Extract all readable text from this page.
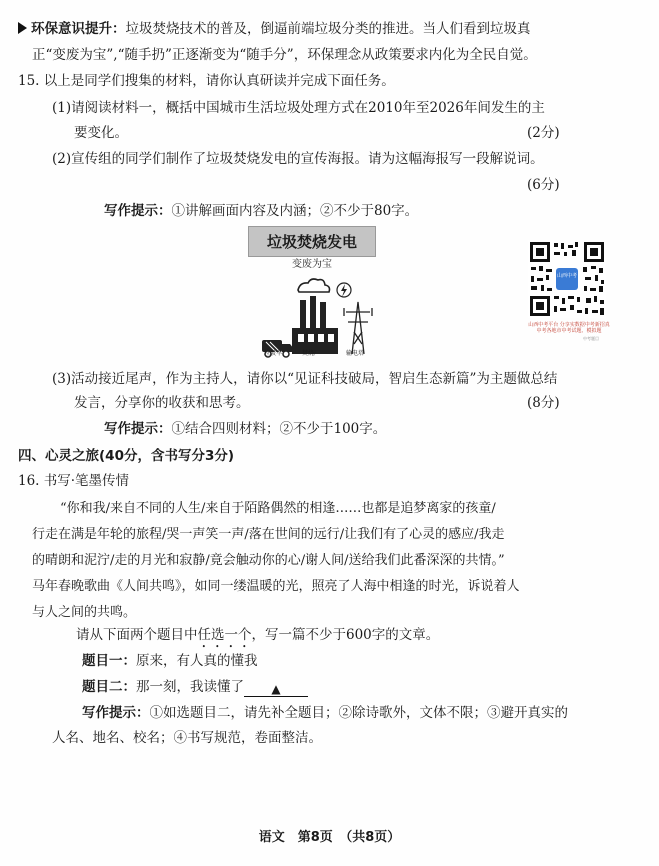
环保意识提升：垃圾焚烧技术的普及，倒逼前端垃圾分类的推进。当人们看到垃圾真
正“变废为宝”,“随手扔”正逐渐变为“随手分”，环保理念从政策要求内化为全民自觉。
15. 以上是同学们搜集的材料，请你认真研读并完成下面任务。
(1)请阅读材料一，概括中国城市生活垃圾处理方式在2010年至2026年间发生的主
要变化。	(2分)
(2)宣传组的同学们制作了垃圾焚烧发电的宣传海报。请为这幅海报写一段解说词。
(6分)
写作提示：①讲解画面内容及内涵；②不少于80字。
垃圾焚烧发电
变废为宝
垃圾车	焚烧厂	输电塔
山西中考
山西中考平台 分享实数据中考新招真 中考各地市中考试题、模拟题
中考题目
(3)活动接近尾声，作为主持人，请你以“见证科技破局，智启生态新篇”为主题做总结
发言，分享你的收获和思考。	(8分)
写作提示：①结合四则材料；②不少于100字。
四、心灵之旅(40分，含书写分3分)
16. 书写·笔墨传情
“你和我/来自不同的人生/来自于陌路偶然的相逢……也都是追梦离家的孩童/
行走在满是年轮的旅程/哭一声笑一声/落在世间的远行/让我们有了心灵的感应/我走
的晴朗和泥泞/走的月光和寂静/竟会触动你的心/谢人间/送给我们此番深深的共情。”
马年春晚歌曲《人间共鸣》，如同一缕温暖的光，照亮了人海中相逢的时光，诉说着人
与人之间的共鸣。
请从下面两个题目中任选一个，写一篇不少于600字的文章。
题目一：原来，有人真的懂我
题目二：那一刻，我读懂了 ▲
写作提示：①如选题目二，请先补全题目；②除诗歌外，文体不限；③避开真实的
人名、地名、校名；④书写规范，卷面整洁。
语文　第8页　（共8页）
